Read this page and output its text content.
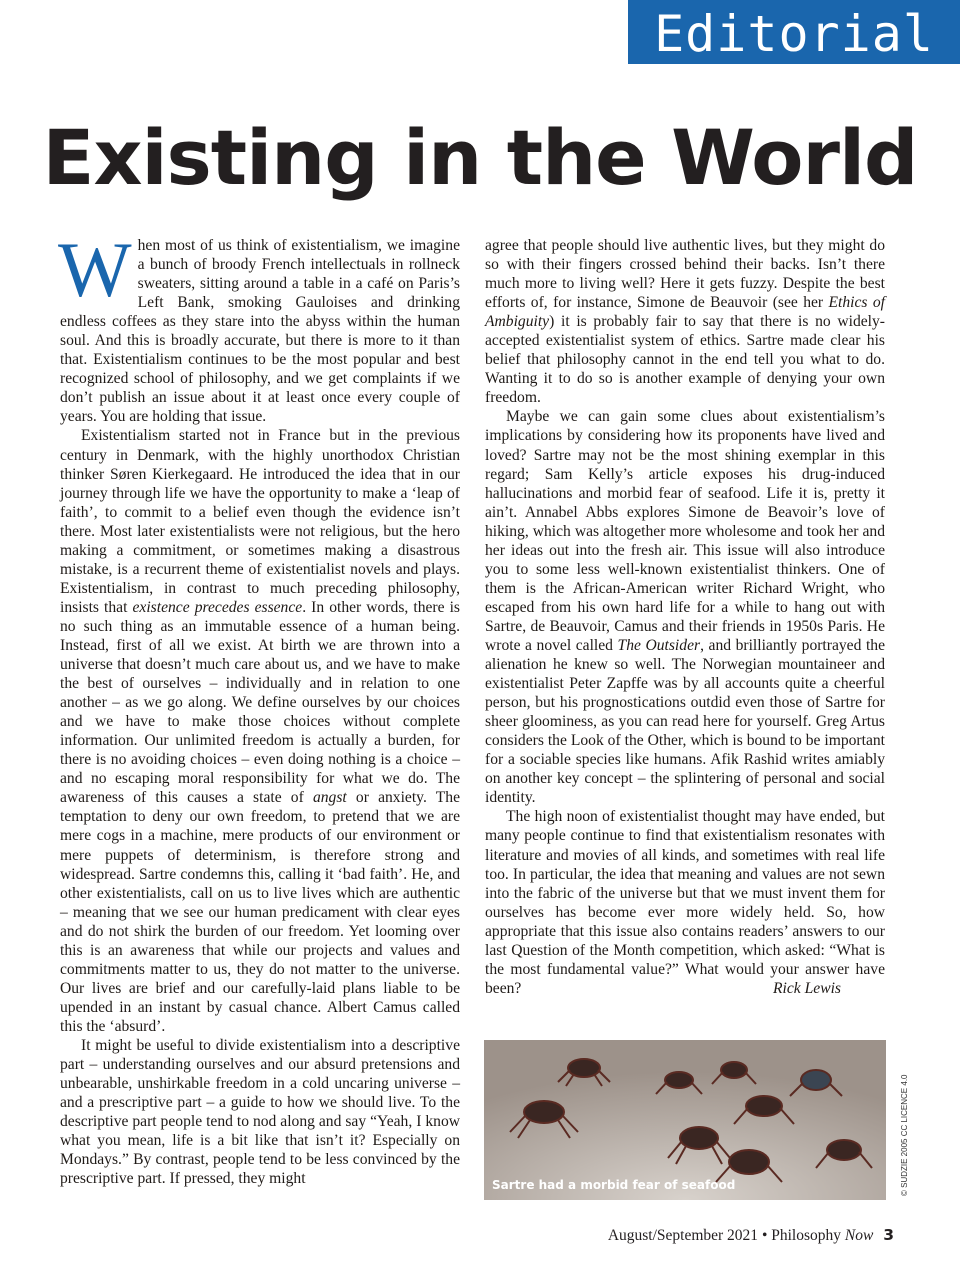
Editorial
Existing in the World

When most of us think of existentialism, we imagine a bunch of broody French intellectuals in rollneck sweaters, sitting around a table in a café on Paris’s Left Bank, smoking Gauloises and drinking endless coffees as they stare into the abyss within the human soul. And this is broadly accurate, but there is more to it than that. Existentialism continues to be the most popular and best recognized school of philosophy, and we get complaints if we don’t publish an issue about it at least once every couple of years. You are holding that issue.

Existentialism started not in France but in the previous century in Denmark, with the highly unorthodox Christian thinker Søren Kierkegaard. He introduced the idea that in our journey through life we have the opportunity to make a ‘leap of faith’, to commit to a belief even though the evidence isn’t there. Most later existentialists were not religious, but the hero making a commitment, or sometimes making a disastrous mistake, is a recurrent theme of existentialist novels and plays. Existentialism, in contrast to much preceding philosophy, insists that existence precedes essence. In other words, there is no such thing as an immutable essence of a human being. Instead, first of all we exist. At birth we are thrown into a universe that doesn’t much care about us, and we have to make the best of ourselves – individually and in relation to one another – as we go along. We define ourselves by our choices and we have to make those choices without complete information. Our unlimited freedom is actually a burden, for there is no avoiding choices – even doing nothing is a choice – and no escaping moral responsibility for what we do. The awareness of this causes a state of angst or anxiety. The temptation to deny our own freedom, to pretend that we are mere cogs in a machine, mere products of our environment or mere puppets of determinism, is therefore strong and widespread. Sartre condemns this, calling it ‘bad faith’. He, and other existentialists, call on us to live lives which are authentic – meaning that we see our human predicament with clear eyes and do not shirk the burden of our freedom. Yet looming over this is an awareness that while our projects and values and commitments matter to us, they do not matter to the universe. Our lives are brief and our carefully-laid plans liable to be upended in an instant by casual chance. Albert Camus called this the ‘absurd’.

It might be useful to divide existentialism into a descriptive part – understanding ourselves and our absurd pretensions and unbearable, unshirkable freedom in a cold uncaring universe – and a prescriptive part – a guide to how we should live. To the descriptive part people tend to nod along and say “Yeah, I know what you mean, life is a bit like that isn’t it? Especially on Mondays.” By contrast, people tend to be less convinced by the prescriptive part. If pressed, they might

agree that people should live authentic lives, but they might do so with their fingers crossed behind their backs. Isn’t there much more to living well? Here it gets fuzzy. Despite the best efforts of, for instance, Simone de Beauvoir (see her Ethics of Ambiguity) it is probably fair to say that there is no widely-accepted existentialist system of ethics. Sartre made clear his belief that philosophy cannot in the end tell you what to do. Wanting it to do so is another example of denying your own freedom.

Maybe we can gain some clues about existentialism’s implications by considering how its proponents have lived and loved? Sartre may not be the most shining exemplar in this regard; Sam Kelly’s article exposes his drug-induced hallucinations and morbid fear of seafood. Life it is, pretty it ain’t. Annabel Abbs explores Simone de Beavoir’s love of hiking, which was altogether more wholesome and took her and her ideas out into the fresh air. This issue will also introduce you to some less well-known existentialist thinkers. One of them is the African-American writer Richard Wright, who escaped from his own hard life for a while to hang out with Sartre, de Beauvoir, Camus and their friends in 1950s Paris. He wrote a novel called The Outsider, and brilliantly portrayed the alienation he knew so well. The Norwegian mountaineer and existentialist Peter Zapffe was by all accounts quite a cheerful person, but his prognostications outdid even those of Sartre for sheer gloominess, as you can read here for yourself. Greg Artus considers the Look of the Other, which is bound to be important for a sociable species like humans. Afik Rashid writes amiably on another key concept – the splintering of personal and social identity.

The high noon of existentialist thought may have ended, but many people continue to find that existentialism resonates with literature and movies of all kinds, and sometimes with real life too. In particular, the idea that meaning and values are not sewn into the fabric of the universe but that we must invent them for ourselves has become ever more widely held. So, how appropriate that this issue also contains readers’ answers to our last Question of the Month competition, which asked: “What is the most fundamental value?” What would your answer have been?	Rick Lewis

Sartre had a morbid fear of seafood	© SUDZIE 2005 CC LICENCE 4.0
August/September 2021 • Philosophy Now 3
